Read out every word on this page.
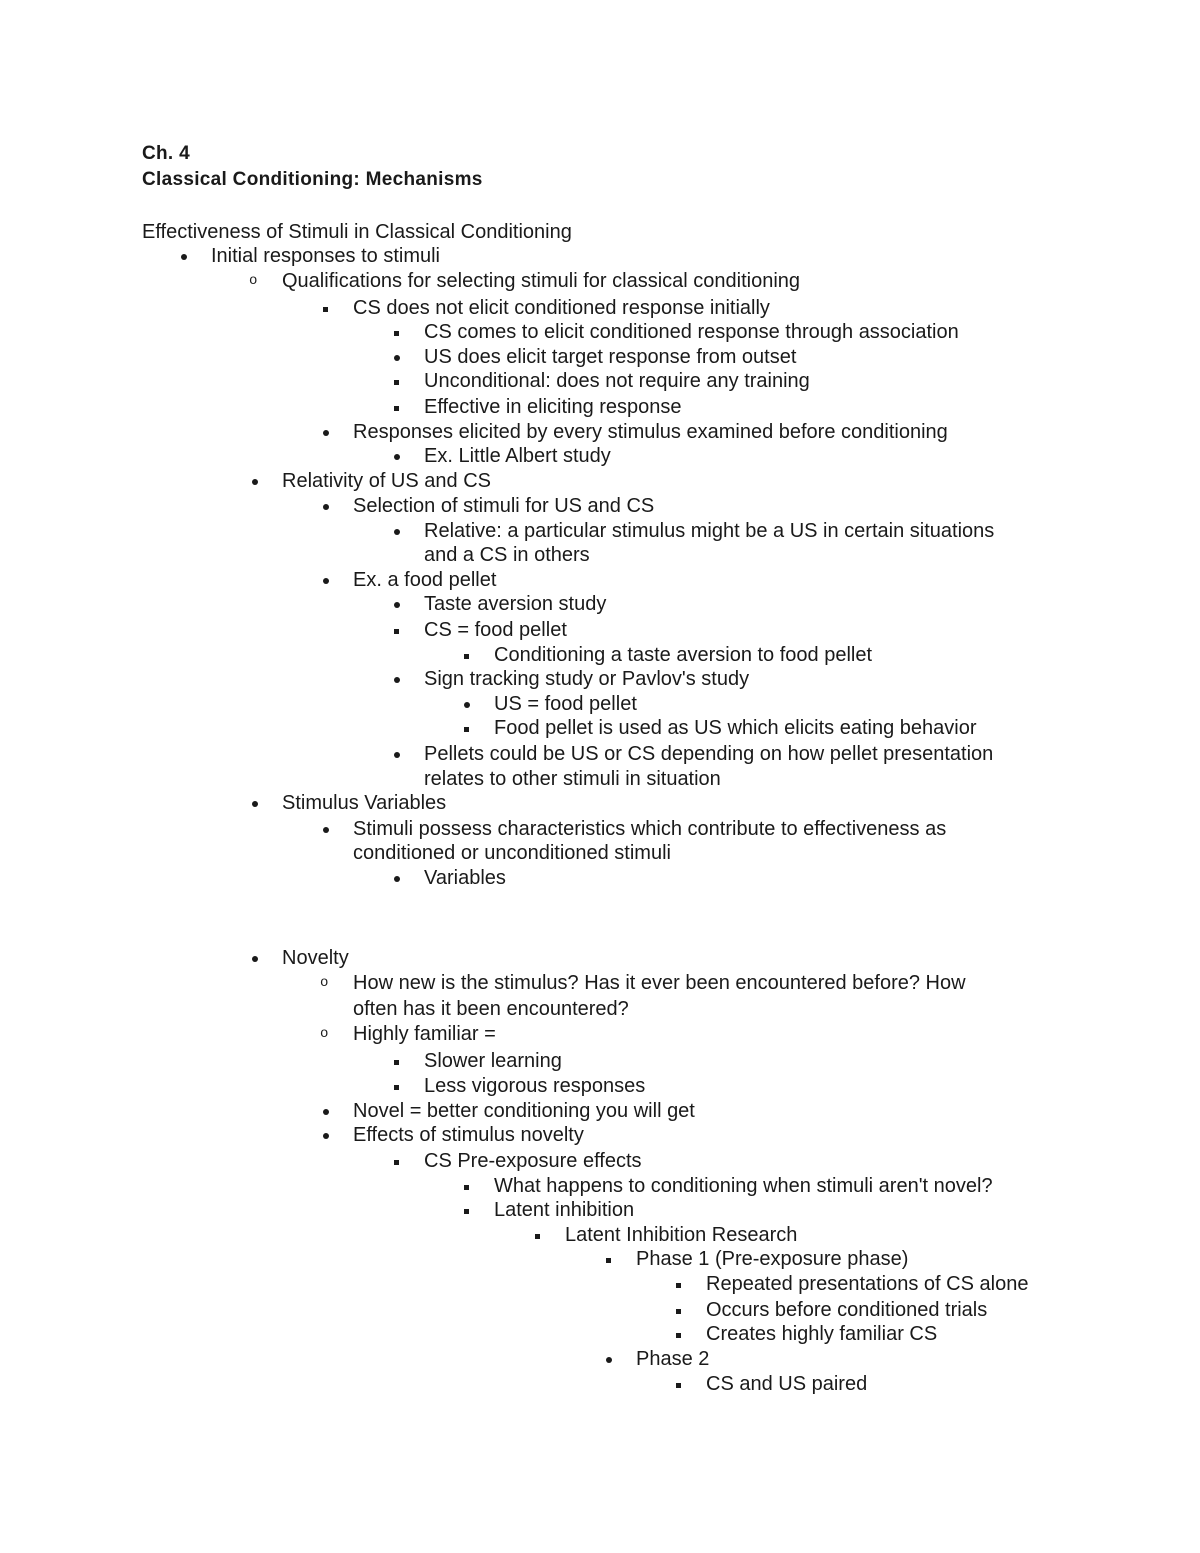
Ch. 4
Classical Conditioning: Mechanisms
Effectiveness of Stimuli in Classical Conditioning
Initial responses to stimuli
o
Qualifications for selecting stimuli for classical conditioning
CS does not elicit conditioned response initially
CS comes to elicit conditioned response through association
US does elicit target response from outset
Unconditional: does not require any training
Effective in eliciting response
Responses elicited by every stimulus examined before conditioning
Ex. Little Albert study
Relativity of US and CS
Selection of stimuli for US and CS
Relative: a particular stimulus might be a US in certain situations
and a CS in others
Ex. a food pellet
Taste aversion study
CS = food pellet
Conditioning a taste aversion to food pellet
Sign tracking study or Pavlov's study
US = food pellet
Food pellet is used as US which elicits eating behavior
Pellets could be US or CS depending on how pellet presentation
relates to other stimuli in situation
Stimulus Variables
Stimuli possess characteristics which contribute to effectiveness as
conditioned or unconditioned stimuli
Variables
Novelty
o
How new is the stimulus? Has it ever been encountered before? How
often has it been encountered?
o
Highly familiar =
Slower learning
Less vigorous responses
Novel = better conditioning you will get
Effects of stimulus novelty
CS Pre-exposure effects
What happens to conditioning when stimuli aren't novel?
Latent inhibition
Latent Inhibition Research
Phase 1 (Pre-exposure phase)
Repeated presentations of CS alone
Occurs before conditioned trials
Creates highly familiar CS
Phase 2
CS and US paired
